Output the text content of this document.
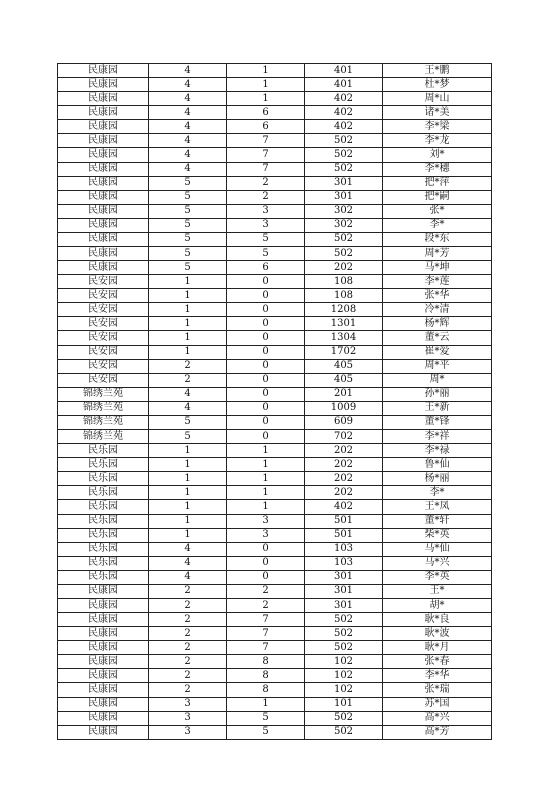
民康园	4	1	401	王*鹏
民康园	4	1	401	杜*梦
民康园	4	1	402	周*山
民康园	4	6	402	诸*美
民康园	4	6	402	李*梁
民康园	4	7	502	李*龙
民康园	4	7	502	刘*
民康园	4	7	502	李*穗
民康园	5	2	301	把*萍
民康园	5	2	301	把*嗣
民康园	5	3	302	张*
民康园	5	3	302	李*
民康园	5	5	502	段*东
民康园	5	5	502	周*芳
民康园	5	6	202	马*坤
民安园	1	0	108	李*莲
民安园	1	0	108	张*华
民安园	1	0	1208	冷*清
民安园	1	0	1301	杨*辉
民安园	1	0	1304	董*云
民安园	1	0	1702	崔*爱
民安园	2	0	405	周*平
民安园	2	0	405	周*
锦绣兰苑	4	0	201	孙*丽
锦绣兰苑	4	0	1009	王*新
锦绣兰苑	5	0	609	董*锋
锦绣兰苑	5	0	702	李*祥
民乐园	1	1	202	李*禄
民乐园	1	1	202	鲁*仙
民乐园	1	1	202	杨*丽
民乐园	1	1	202	李*
民乐园	1	1	402	王*凤
民乐园	1	3	501	董*轩
民乐园	1	3	501	柴*英
民乐园	4	0	103	马*仙
民乐园	4	0	103	马*兴
民乐园	4	0	301	李*英
民康园	2	2	301	王*
民康园	2	2	301	胡*
民康园	2	7	502	耿*良
民康园	2	7	502	耿*波
民康园	2	7	502	耿*月
民康园	2	8	102	张*春
民康园	2	8	102	李*华
民康园	2	8	102	张*瑞
民康园	3	1	101	苏*国
民康园	3	5	502	高*兴
民康园	3	5	502	高*芳
